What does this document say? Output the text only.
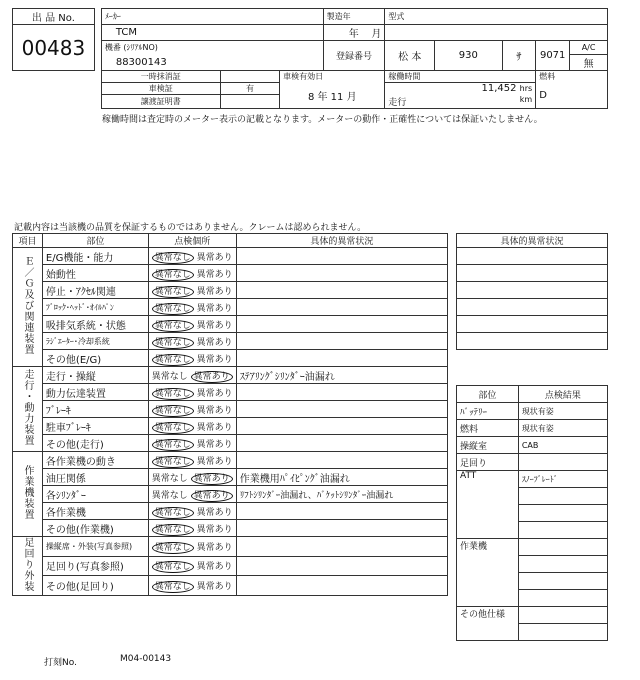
出 品 No.		ﾒｰｶｰ			製造年	型式				
00483		TCM			年 月					
		機番 (ｼﾘｱﾙNO)			登録番号	松 本	930	ｻ	9071	A/C
		88300143								無
		一時抹消証		車検有効日		稼働時間			燃料	
		車検証	有	8 年 11 月		11,452 hrs			D	
		譲渡証明書				走行 km				
稼働時間は査定時のメーター表示の記載となります。メーターの動作・正確性については保証いたしません。
記載内容は当該機の品質を保証するものではありません。クレームは認められません。
項目	部位	点検個所	具体的異常状況
Ｅ／Ｇ及び関連装置	E/G機能・能力	異常なし 異常あり	
	始動性	異常なし 異常あり	
	停止・ｱｸｾﾙ関連	異常なし 異常あり	
	ﾌﾞﾛｯｸ･ﾍｯﾄﾞ･ｵｲﾙﾊﾟﾝ	異常なし 異常あり	
	吸排気系統・状態	異常なし 異常あり	
	ﾗｼﾞｴｰﾀｰ･冷却系統	異常なし 異常あり	
	その他(E/G)	異常なし 異常あり	
走行・動力装置	走行・操縦	異常なし 異常あり	ｽﾃｱﾘﾝｸﾞｼﾘﾝﾀﾞｰ油漏れ
	動力伝達装置	異常なし 異常あり	
	ﾌﾞﾚｰｷ	異常なし 異常あり	
	駐車ﾌﾞﾚｰｷ	異常なし 異常あり	
	その他(走行)	異常なし 異常あり	
作業機装置	各作業機の動き	異常なし 異常あり	
	油圧関係	異常なし 異常あり	作業機用ﾊﾟｲﾋﾟﾝｸﾞ油漏れ
	各ｼﾘﾝﾀﾞｰ	異常なし 異常あり	ﾘﾌﾄｼﾘﾝﾀﾞｰ油漏れ、ﾊﾞｹｯﾄｼﾘﾝﾀﾞｰ油漏れ
	各作業機	異常なし 異常あり	
	その他(作業機)	異常なし 異常あり	
足回り外装	操縦席・外装(写真参照)	異常なし 異常あり	
	足回り(写真参照)	異常なし 異常あり	
	その他(足回り)	異常なし 異常あり	
具体的異常状況

部位	点検結果
ﾊﾞｯﾃﾘｰ	現状有姿
燃料	現状有姿
操縦室	CAB
足回り	
ATT	ｽﾉｰﾌﾞﾚｰﾄﾞ

作業機	

その他仕様	

打刻No.	M04-00143
